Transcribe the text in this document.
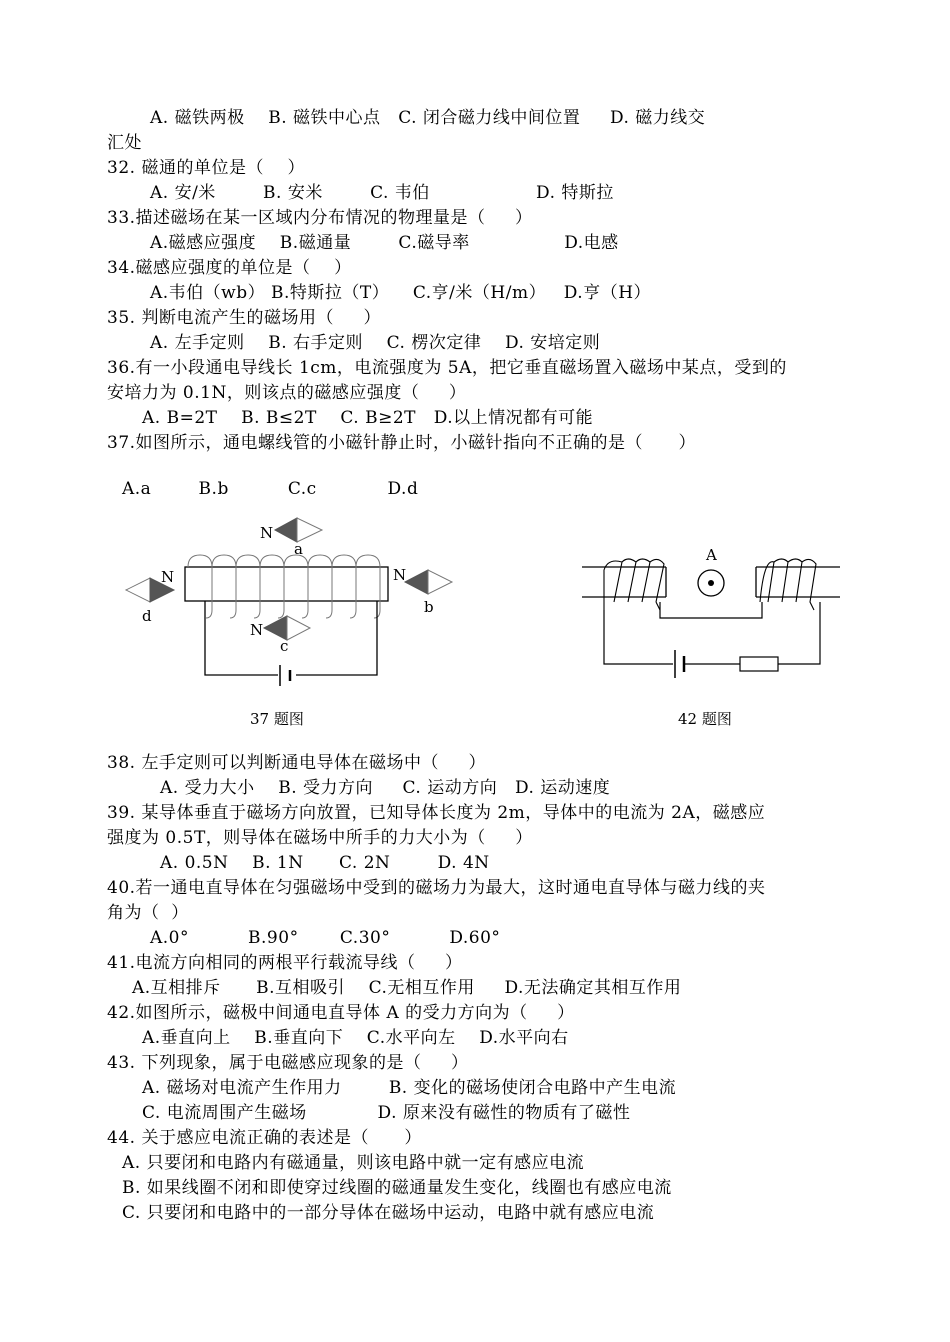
A. 磁铁两极    B. 磁铁中心点   C. 闭合磁力线中间位置     D. 磁力线交
汇处
32. 磁通的单位是（    ）
A. 安/米        B. 安米        C. 韦伯                  D. 特斯拉
33.描述磁场在某一区域内分布情况的物理量是（     ）
A.磁感应强度    B.磁通量        C.磁导率                D.电感
34.磁感应强度的单位是（    ）
A.韦伯（wb） B.特斯拉（T）    C.亨/米（H/m）   D.亨（H）
35. 判断电流产生的磁场用（     ）
A. 左手定则    B. 右手定则    C. 楞次定律    D. 安培定则
36.有一小段通电导线长 1cm，电流强度为 5A，把它垂直磁场置入磁场中某点，受到的
安培力为 0.1N，则该点的磁感应强度（     ）
A. B=2T    B. B≤2T    C. B≥2T   D.以上情况都有可能
37.如图所示，通电螺线管的小磁针静止时，小磁针指向不正确的是（      ）
A.a        B.b          C.c            D.d
N
a
N
d
N
b
N
c
37 题图
A
42 题图
38. 左手定则可以判断通电导体在磁场中（     ）
A. 受力大小    B. 受力方向     C. 运动方向   D. 运动速度
39. 某导体垂直于磁场方向放置，已知导体长度为 2m，导体中的电流为 2A，磁感应
强度为 0.5T，则导体在磁场中所手的力大小为（     ）
A. 0.5N    B. 1N      C. 2N        D. 4N
40.若一通电直导体在匀强磁场中受到的磁场力为最大，这时通电直导体与磁力线的夹
角为（  ）
A.0°          B.90°       C.30°          D.60°
41.电流方向相同的两根平行载流导线（     ）
A.互相排斥      B.互相吸引    C.无相互作用     D.无法确定其相互作用
42.如图所示，磁极中间通电直导体 A 的受力方向为（     ）
A.垂直向上    B.垂直向下    C.水平向左    D.水平向右
43. 下列现象，属于电磁感应现象的是（     ）
A. 磁场对电流产生作用力        B. 变化的磁场使闭合电路中产生电流
C. 电流周围产生磁场            D. 原来没有磁性的物质有了磁性
44. 关于感应电流正确的表述是（      ）
A. 只要闭和电路内有磁通量，则该电路中就一定有感应电流
B. 如果线圈不闭和即使穿过线圈的磁通量发生变化，线圈也有感应电流
C. 只要闭和电路中的一部分导体在磁场中运动，电路中就有感应电流
